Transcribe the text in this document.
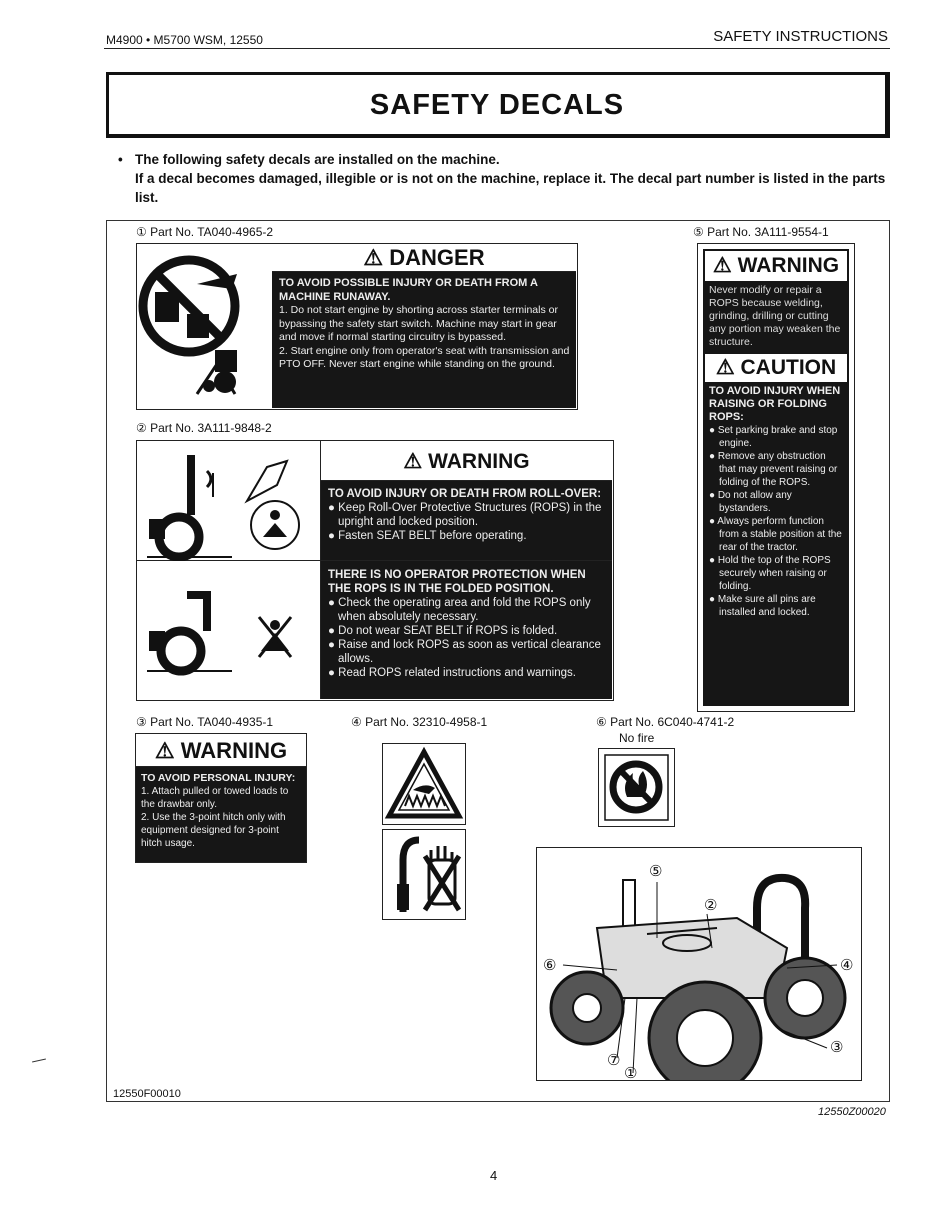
M4900 • M5700 WSM, 12550	SAFETY INSTRUCTIONS
SAFETY DECALS
• The following safety decals are installed on the machine.

If a decal becomes damaged, illegible or is not on the machine, replace it. The decal part number is listed in the parts list.

① Part No. TA040-4965-2
⚠ DANGER
TO AVOID POSSIBLE INJURY OR DEATH FROM A MACHINE RUNAWAY.
1. Do not start engine by shorting across starter terminals or bypassing the safety start switch. Machine may start in gear and move if normal starting circuitry is bypassed.
2. Start engine only from operator's seat with transmission and PTO OFF. Never start engine while standing on the ground.
② Part No. 3A111-9848-2
⚠ WARNING
TO AVOID INJURY OR DEATH FROM ROLL-OVER:
● Keep Roll-Over Protective Structures (ROPS) in the upright and locked position.
● Fasten SEAT BELT before operating.
THERE IS NO OPERATOR PROTECTION WHEN THE ROPS IS IN THE FOLDED POSITION.
● Check the operating area and fold the ROPS only when absolutely necessary.
● Do not wear SEAT BELT if ROPS is folded.
● Raise and lock ROPS as soon as vertical clearance allows.
● Read ROPS related instructions and warnings.
⑤ Part No. 3A111-9554-1
⚠ WARNING
Never modify or repair a ROPS because welding, grinding, drilling or cutting any portion may weaken the structure.
⚠ CAUTION
TO AVOID INJURY WHEN RAISING OR FOLDING ROPS:
● Set parking brake and stop engine.
● Remove any obstruction that may prevent raising or folding of the ROPS.
● Do not allow any bystanders.
● Always perform function from a stable position at the rear of the tractor.
● Hold the top of the ROPS securely when raising or folding.
● Make sure all pins are installed and locked.
③ Part No. TA040-4935-1
⚠ WARNING
TO AVOID PERSONAL INJURY:
1. Attach pulled or towed loads to the drawbar only.
2. Use the 3-point hitch only with equipment designed for 3-point hitch usage.
④ Part No. 32310-4958-1	⑥ Part No. 6C040-4741-2
No fire
⑤
②
⑥	④
③
⑦
①
12550F00010
12550Z00020
4
